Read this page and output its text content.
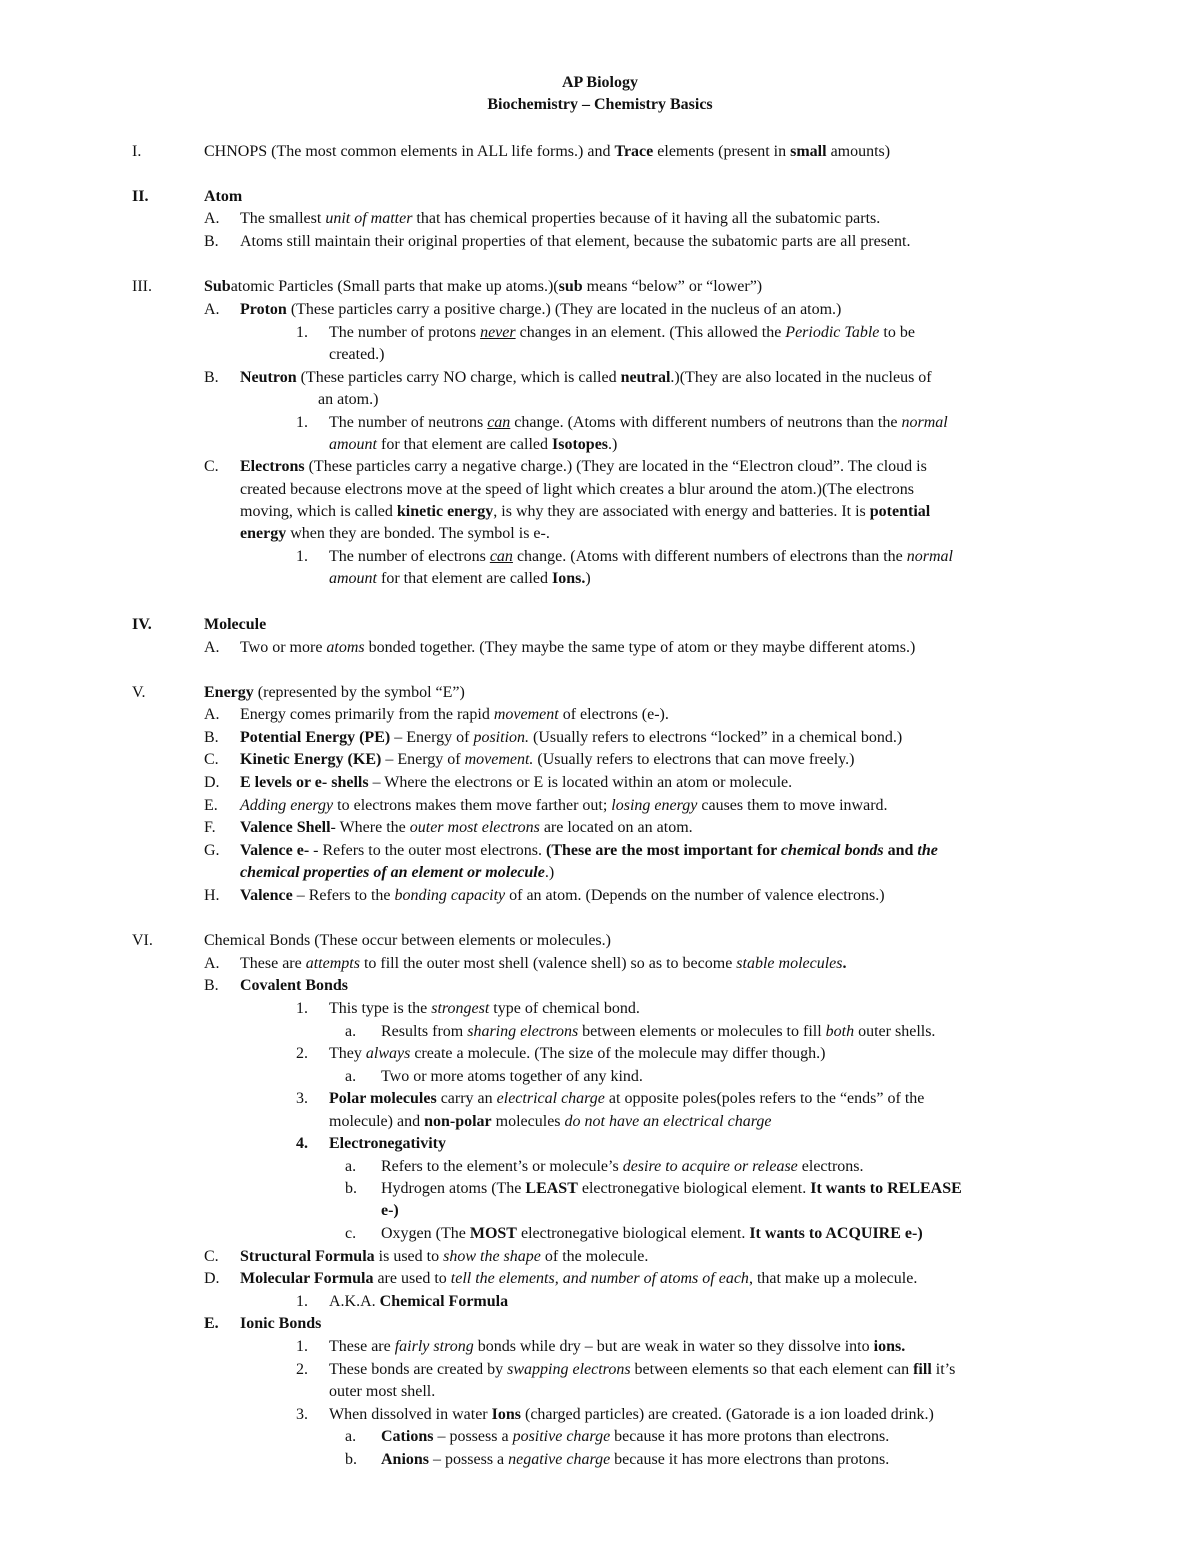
AP Biology
Biochemistry – Chemistry Basics
I.	CHNOPS (The most common elements in ALL life forms.) and Trace elements (present in small amounts)
II.	Atom
A. The smallest unit of matter that has chemical properties because of it having all the subatomic parts.
B. Atoms still maintain their original properties of that element, because the subatomic parts are all present.
III.	Subatomic Particles (Small parts that make up atoms.)(sub means “below” or “lower”)
A. Proton (These particles carry a positive charge.) (They are located in the nucleus of an atom.)
1. The number of protons never changes in an element. (This allowed the Periodic Table to be
created.)
B. Neutron (These particles carry NO charge, which is called neutral.)(They are also located in the nucleus of
an atom.)
1. The number of neutrons can change. (Atoms with different numbers of neutrons than the normal
amount for that element are called Isotopes.)
C. Electrons (These particles carry a negative charge.) (They are located in the “Electron cloud”. The cloud is
created because electrons move at the speed of light which creates a blur around the atom.)(The electrons
moving, which is called kinetic energy, is why they are associated with energy and batteries. It is potential
energy when they are bonded. The symbol is e-.
1. The number of electrons can change. (Atoms with different numbers of electrons than the normal
amount for that element are called Ions.)
IV.	Molecule
A. Two or more atoms bonded together. (They maybe the same type of atom or they maybe different atoms.)
V.	Energy (represented by the symbol “E”)
A. Energy comes primarily from the rapid movement of electrons (e-).
B. Potential Energy (PE) – Energy of position. (Usually refers to electrons “locked” in a chemical bond.)
C. Kinetic Energy (KE) – Energy of movement. (Usually refers to electrons that can move freely.)
D. E levels or e- shells – Where the electrons or E is located within an atom or molecule.
E. Adding energy to electrons makes them move farther out; losing energy causes them to move inward.
F. Valence Shell- Where the outer most electrons are located on an atom.
G. Valence e- - Refers to the outer most electrons. (These are the most important for chemical bonds and the
chemical properties of an element or molecule.)
H. Valence – Refers to the bonding capacity of an atom. (Depends on the number of valence electrons.)
VI.	Chemical Bonds (These occur between elements or molecules.)
A. These are attempts to fill the outer most shell (valence shell) so as to become stable molecules.
B. Covalent Bonds
1. This type is the strongest type of chemical bond.
a. Results from sharing electrons between elements or molecules to fill both outer shells.
2. They always create a molecule. (The size of the molecule may differ though.)
a. Two or more atoms together of any kind.
3. Polar molecules carry an electrical charge at opposite poles(poles refers to the “ends” of the
molecule) and non-polar molecules do not have an electrical charge
4. Electronegativity
a. Refers to the element’s or molecule’s desire to acquire or release electrons.
b. Hydrogen atoms (The LEAST electronegative biological element. It wants to RELEASE
e-)
c. Oxygen (The MOST electronegative biological element. It wants to ACQUIRE e-)
C. Structural Formula is used to show the shape of the molecule.
D. Molecular Formula are used to tell the elements, and number of atoms of each, that make up a molecule.
1. A.K.A. Chemical Formula
E. Ionic Bonds
1. These are fairly strong bonds while dry – but are weak in water so they dissolve into ions.
2. These bonds are created by swapping electrons between elements so that each element can fill it’s
outer most shell.
3. When dissolved in water Ions (charged particles) are created. (Gatorade is a ion loaded drink.)
a. Cations – possess a positive charge because it has more protons than electrons.
b. Anions – possess a negative charge because it has more electrons than protons.
